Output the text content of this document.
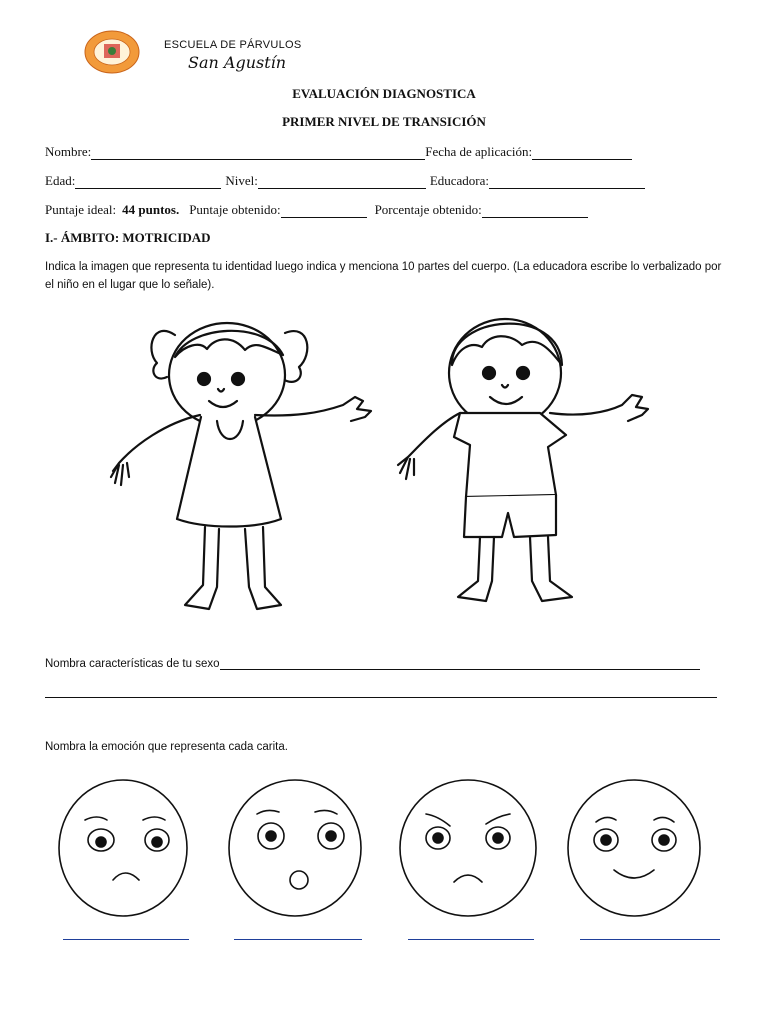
ESCUELA DE PÁRVULOS
San Agustín
EVALUACIÓN DIAGNOSTICA
PRIMER NIVEL DE TRANSICIÓN
Nombre:	Fecha de aplicación:
Edad:	Nivel:	Educadora:
Puntaje ideal: 44 puntos. Puntaje obtenido:	Porcentaje obtenido:
I.- ÁMBITO: MOTRICIDAD
Indica la imagen que representa tu identidad luego indica y menciona 10 partes del cuerpo. (La educadora escribe lo verbalizado por el niño en el lugar que lo señale).
Nombra características de tu sexo
Nombra la emoción que representa cada carita.
